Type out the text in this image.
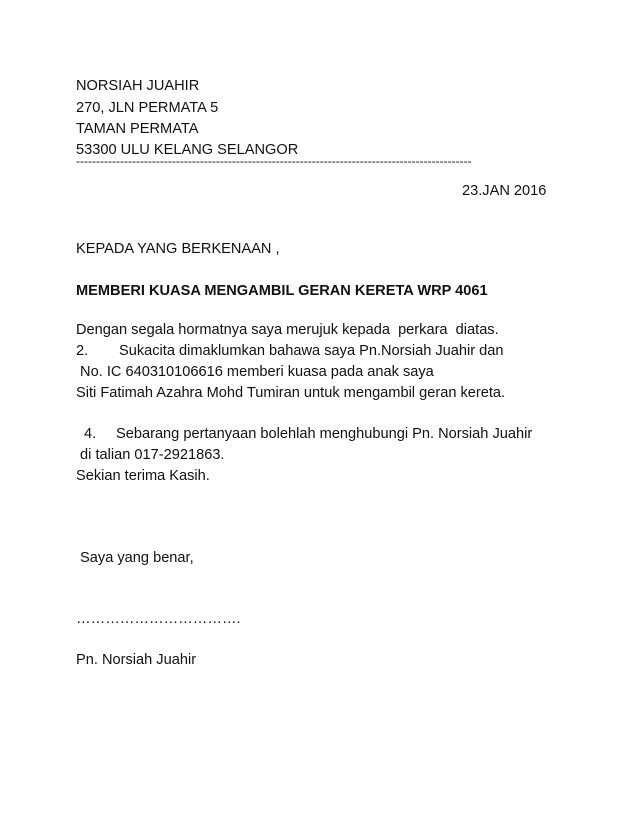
NORSIAH JUAHIR
270, JLN PERMATA 5
TAMAN PERMATA
53300 ULU KELANG SELANGOR
---------------------------------------------------------------------------------------------------
23.JAN 2016
KEPADA YANG BERKENAAN ,
MEMBERI KUASA MENGAMBIL GERAN KERETA WRP 4061
Dengan segala hormatnya saya merujuk kepada  perkara  diatas.
2. Sukacita dimaklumkan bahawa saya Pn.Norsiah Juahir dan
No. IC 640310106616 memberi kuasa pada anak saya
Siti Fatimah Azahra Mohd Tumiran untuk mengambil geran kereta.
4. Sebarang pertanyaan bolehlah menghubungi Pn. Norsiah Juahir
di talian 017-2921863.
Sekian terima Kasih.
Saya yang benar,
…………………………….
Pn. Norsiah Juahir
